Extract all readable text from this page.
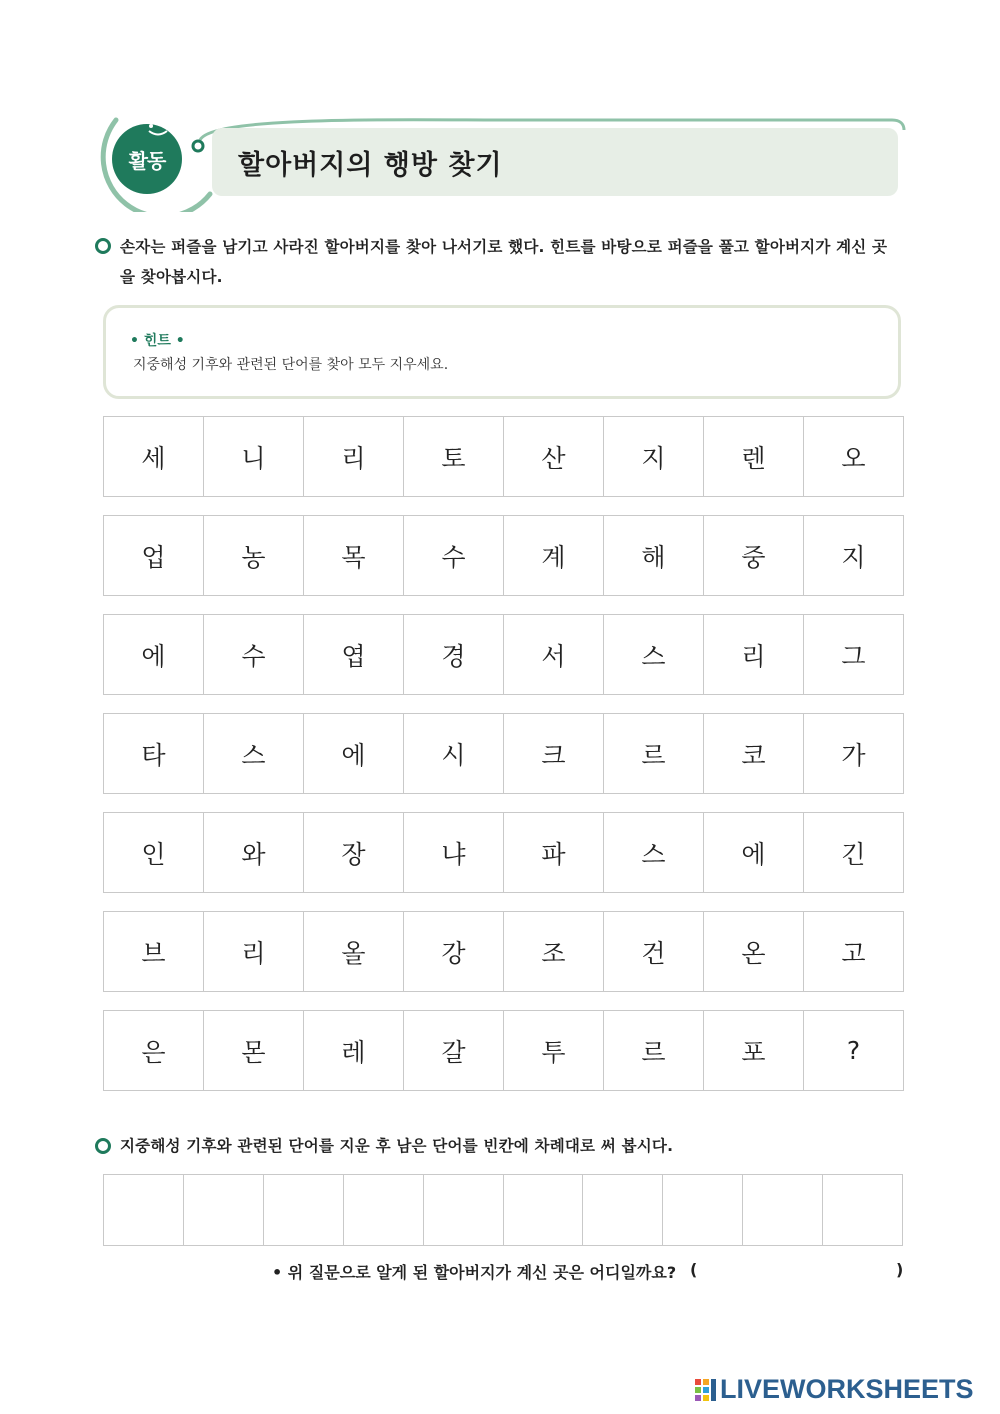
활동	할아버지의 행방 찾기
손자는 퍼즐을 남기고 사라진 할아버지를 찾아 나서기로 했다. 힌트를 바탕으로 퍼즐을 풀고 할아버지가 계신 곳
을 찾아봅시다.
• 힌트 •
지중해성 기후와 관련된 단어를 찾아 모두 지우세요.
세	니	리	토	산	지	렌	오
업	농	목	수	계	해	중	지
에	수	엽	경	서	스	리	그
타	스	에	시	크	르	코	가
인	와	장	냐	파	스	에	긴
브	리	올	강	조	건	온	고
은	몬	레	갈	투	르	포	?
지중해성 기후와 관련된 단어를 지운 후 남은 단어를 빈칸에 차례대로 써 봅시다.
• 위 질문으로 알게 된 할아버지가 계신 곳은 어디일까요? (	)
LIVEWORKSHEETS
